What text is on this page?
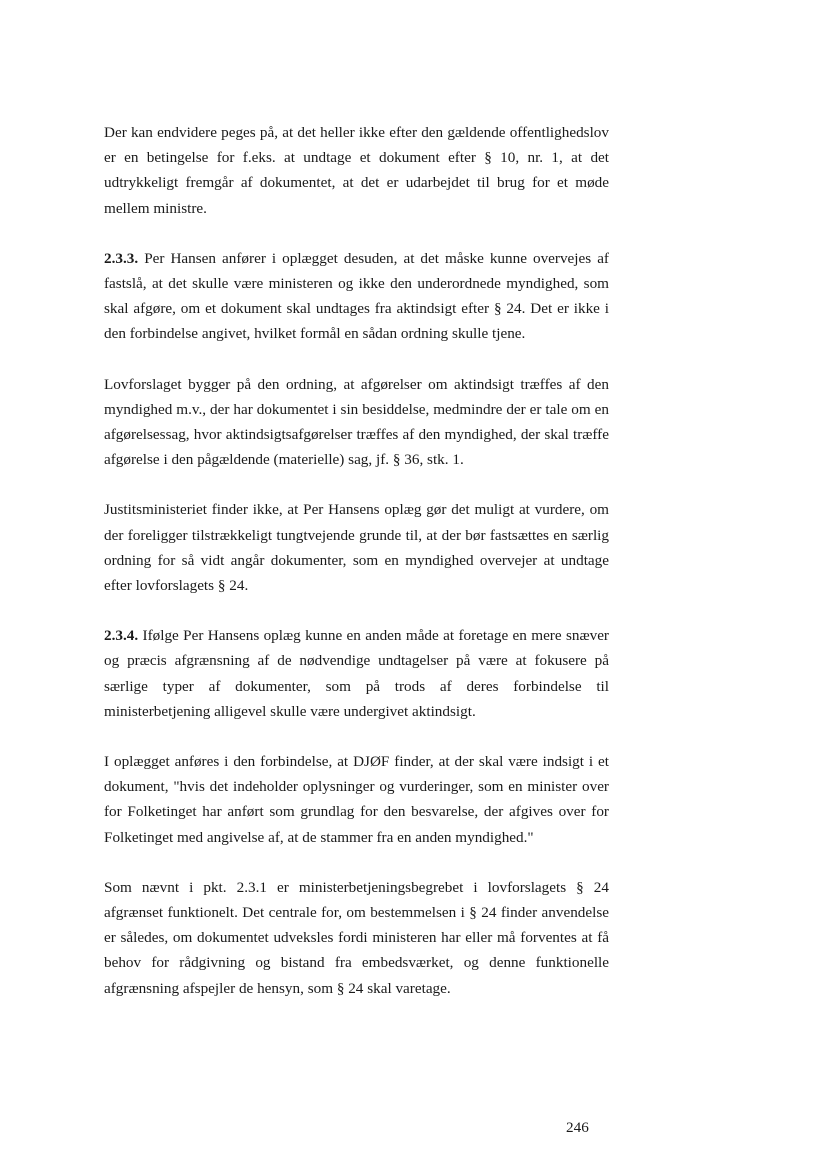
Der kan endvidere peges på, at det heller ikke efter den gældende offentlighedslov er en betingelse for f.eks. at undtage et dokument efter § 10, nr. 1, at det udtrykkeligt fremgår af dokumentet, at det er udarbejdet til brug for et møde mellem ministre.

2.3.3. Per Hansen anfører i oplægget desuden, at det måske kunne overvejes af fastslå, at det skulle være ministeren og ikke den underordnede myndighed, som skal afgøre, om et dokument skal undtages fra aktindsigt efter § 24. Det er ikke i den forbindelse angivet, hvilket formål en sådan ordning skulle tjene.

Lovforslaget bygger på den ordning, at afgørelser om aktindsigt træffes af den myndighed m.v., der har dokumentet i sin besiddelse, medmindre der er tale om en afgørelsessag, hvor aktindsigtsafgørelser træffes af den myndighed, der skal træffe afgørelse i den pågældende (materielle) sag, jf. § 36, stk. 1.

Justitsministeriet finder ikke, at Per Hansens oplæg gør det muligt at vurdere, om der foreligger tilstrækkeligt tungtvejende grunde til, at der bør fastsættes en særlig ordning for så vidt angår dokumenter, som en myndighed overvejer at undtage efter lovforslagets § 24.

2.3.4. Ifølge Per Hansens oplæg kunne en anden måde at foretage en mere snæver og præcis afgrænsning af de nødvendige undtagelser på være at fokusere på særlige typer af dokumenter, som på trods af deres forbindelse til ministerbetjening alligevel skulle være undergivet aktindsigt.

I oplægget anføres i den forbindelse, at DJØF finder, at der skal være indsigt i et dokument, "hvis det indeholder oplysninger og vurderinger, som en minister over for Folketinget har anført som grundlag for den besvarelse, der afgives over for Folketinget med angivelse af, at de stammer fra en anden myndighed."

Som nævnt i pkt. 2.3.1 er ministerbetjeningsbegrebet i lovforslagets § 24 afgrænset funktionelt. Det centrale for, om bestemmelsen i § 24 finder anvendelse er således, om dokumentet udveksles fordi ministeren har eller må forventes at få behov for rådgivning og bistand fra embedsværket, og denne funktionelle afgrænsning afspejler de hensyn, som § 24 skal varetage.

246
